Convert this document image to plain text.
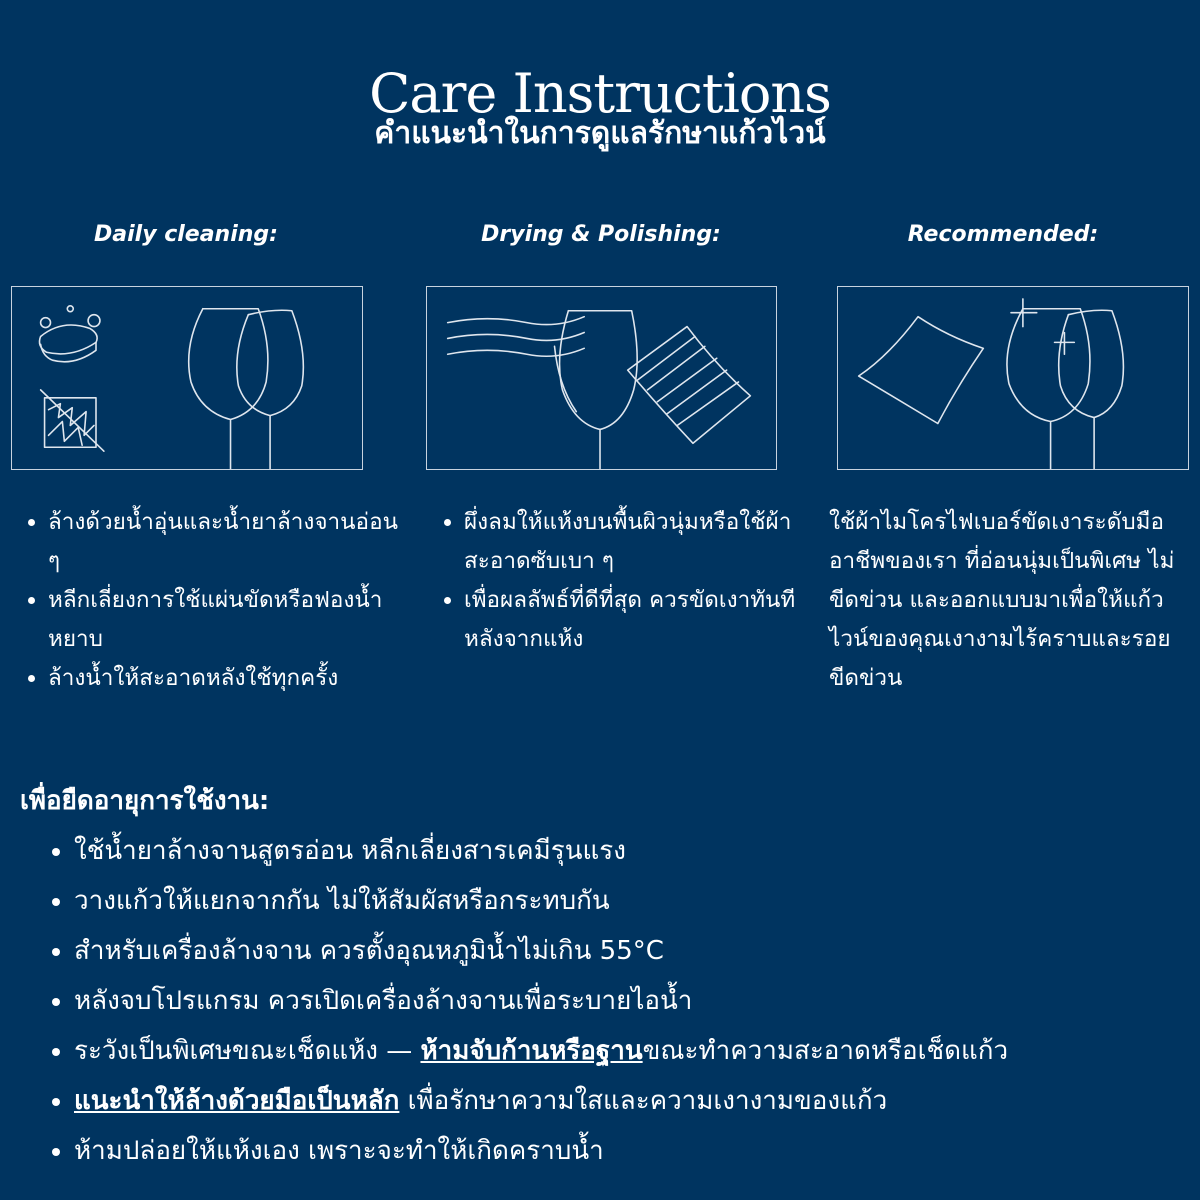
Care Instructions
คำแนะนำในการดูแลรักษาแก้วไวน์
Daily cleaning:	Drying & Polishing:	Recommended:
• ล้างด้วยน้ำอุ่นและน้ำยาล้างจานอ่อน ๆ
• หลีกเลี่ยงการใช้แผ่นขัดหรือฟองน้ำหยาบ
• ล้างน้ำให้สะอาดหลังใช้ทุกครั้ง
• ผึ่งลมให้แห้งบนพื้นผิวนุ่มหรือใช้ผ้าสะอาดซับเบา ๆ
• เพื่อผลลัพธ์ที่ดีที่สุด ควรขัดเงาทันทีหลังจากแห้ง

ใช้ผ้าไมโครไฟเบอร์ขัดเงาระดับมืออาชีพของเรา ที่อ่อนนุ่มเป็นพิเศษ ไม่ขีดข่วน และออกแบบมาเพื่อให้แก้วไวน์ของคุณเงางามไร้คราบและรอยขีดข่วน

เพื่อยืดอายุการใช้งาน:
• ใช้น้ำยาล้างจานสูตรอ่อน หลีกเลี่ยงสารเคมีรุนแรง
• วางแก้วให้แยกจากกัน ไม่ให้สัมผัสหรือกระทบกัน
• สำหรับเครื่องล้างจาน ควรตั้งอุณหภูมิน้ำไม่เกิน 55°C
• หลังจบโปรแกรม ควรเปิดเครื่องล้างจานเพื่อระบายไอน้ำ
• ระวังเป็นพิเศษขณะเช็ดแห้ง — ห้ามจับก้านหรือฐานขณะทำความสะอาดหรือเช็ดแก้ว
• แนะนำให้ล้างด้วยมือเป็นหลัก เพื่อรักษาความใสและความเงางามของแก้ว
• ห้ามปล่อยให้แห้งเอง เพราะจะทำให้เกิดคราบน้ำ
